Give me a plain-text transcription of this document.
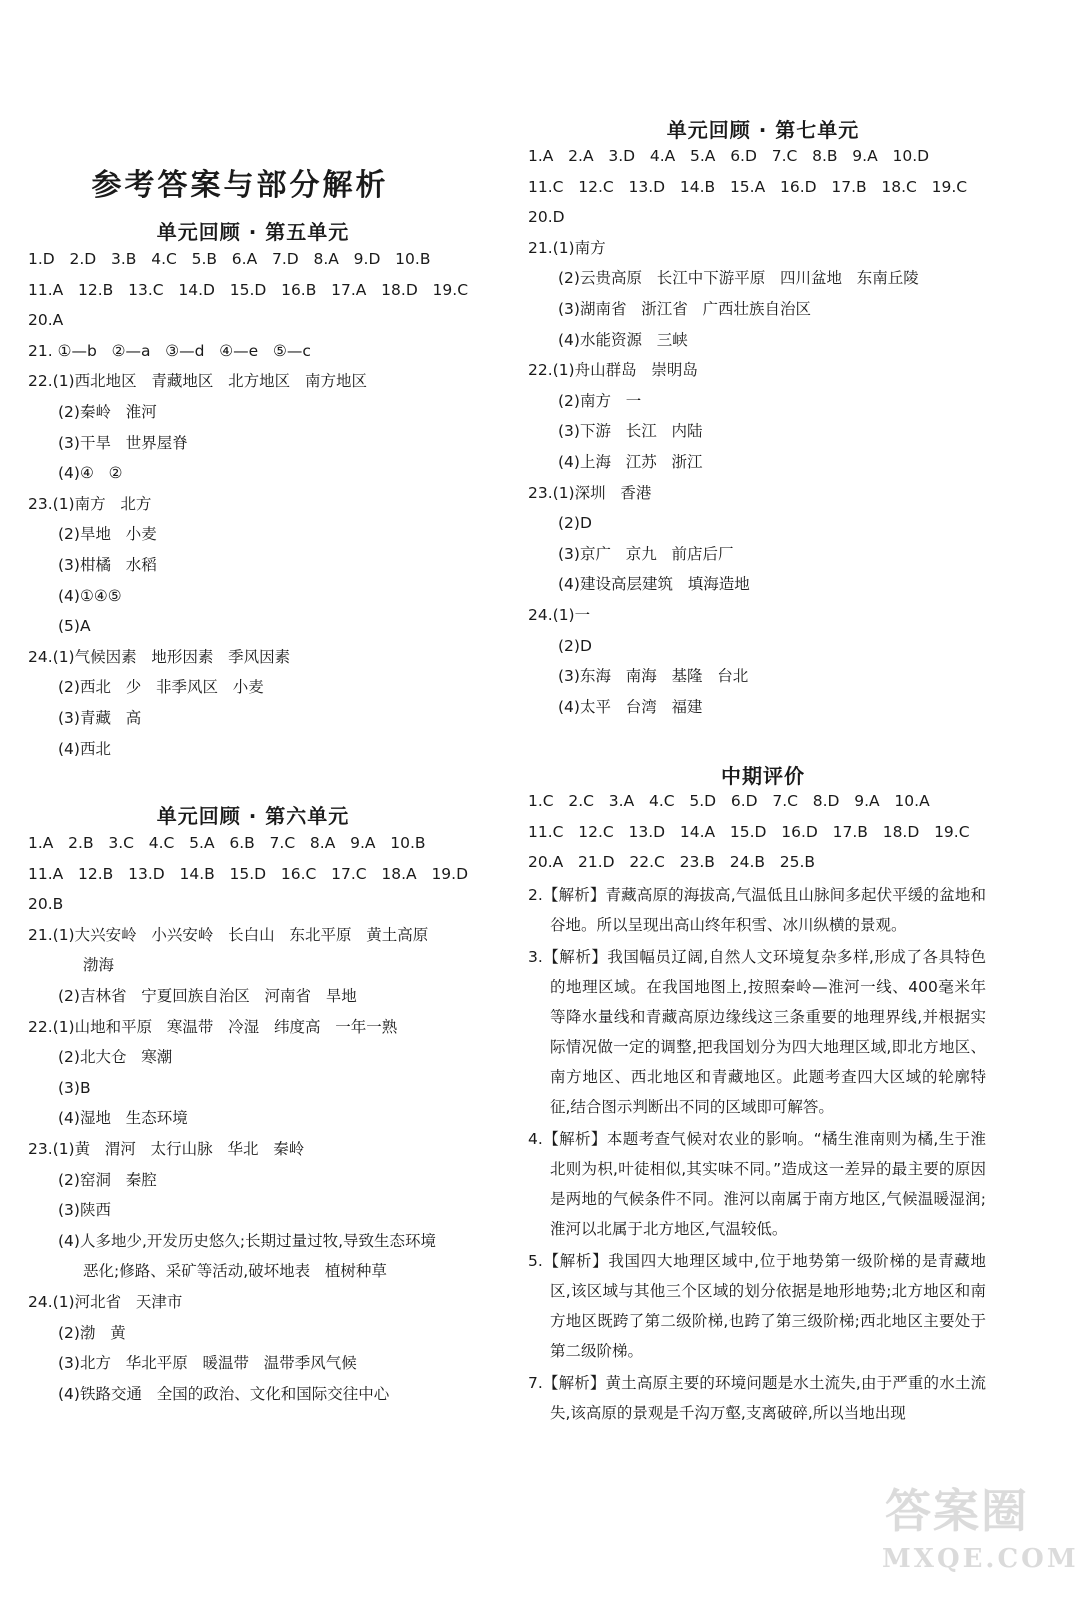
参考答案与部分解析
单元回顾 · 第五单元
1.D   2.D   3.B   4.C   5.B   6.A   7.D   8.A   9.D   10.B
11.A   12.B   13.C   14.D   15.D   16.B   17.A   18.D   19.C
20.A
21. ①—b   ②—a   ③—d   ④—e   ⑤—c
22.(1)西北地区   青藏地区   北方地区   南方地区
(2)秦岭   淮河
(3)干旱   世界屋脊
(4)④   ②
23.(1)南方   北方
(2)旱地   小麦
(3)柑橘   水稻
(4)①④⑤
(5)A
24.(1)气候因素   地形因素   季风因素
(2)西北   少   非季风区   小麦
(3)青藏   高
(4)西北
单元回顾 · 第六单元
1.A   2.B   3.C   4.C   5.A   6.B   7.C   8.A   9.A   10.B
11.A   12.B   13.D   14.B   15.D   16.C   17.C   18.A   19.D
20.B
21.(1)大兴安岭   小兴安岭   长白山   东北平原   黄土高原
渤海
(2)吉林省   宁夏回族自治区   河南省   旱地
22.(1)山地和平原   寒温带   冷湿   纬度高   一年一熟
(2)北大仓   寒潮
(3)B
(4)湿地   生态环境
23.(1)黄   渭河   太行山脉   华北   秦岭
(2)窑洞   秦腔
(3)陕西
(4)人多地少,开发历史悠久;长期过量过牧,导致生态环境
恶化;修路、采矿等活动,破坏地表   植树种草
24.(1)河北省   天津市
(2)渤   黄
(3)北方   华北平原   暖温带   温带季风气候
(4)铁路交通   全国的政治、文化和国际交往中心
单元回顾 · 第七单元
1.A   2.A   3.D   4.A   5.A   6.D   7.C   8.B   9.A   10.D
11.C   12.C   13.D   14.B   15.A   16.D   17.B   18.C   19.C
20.D
21.(1)南方
(2)云贵高原   长江中下游平原   四川盆地   东南丘陵
(3)湖南省   浙江省   广西壮族自治区
(4)水能资源   三峡
22.(1)舟山群岛   崇明岛
(2)南方   一
(3)下游   长江   内陆
(4)上海   江苏   浙江
23.(1)深圳   香港
(2)D
(3)京广   京九   前店后厂
(4)建设高层建筑   填海造地
24.(1)一
(2)D
(3)东海   南海   基隆   台北
(4)太平   台湾   福建
中期评价
1.C   2.C   3.A   4.C   5.D   6.D   7.C   8.D   9.A   10.A
11.C   12.C   13.D   14.A   15.D   16.D   17.B   18.D   19.C
20.A   21.D   22.C   23.B   24.B   25.B
2.【解析】青藏高原的海拔高,气温低且山脉间多起伏平缓的盆地和谷地。所以呈现出高山终年积雪、冰川纵横的景观。
3.【解析】我国幅员辽阔,自然人文环境复杂多样,形成了各具特色的地理区域。在我国地图上,按照秦岭—淮河一线、400毫米年等降水量线和青藏高原边缘线这三条重要的地理界线,并根据实际情况做一定的调整,把我国划分为四大地理区域,即北方地区、南方地区、西北地区和青藏地区。此题考查四大区域的轮廓特征,结合图示判断出不同的区域即可解答。
4.【解析】本题考查气候对农业的影响。“橘生淮南则为橘,生于淮北则为枳,叶徒相似,其实味不同。”造成这一差异的最主要的原因是两地的气候条件不同。淮河以南属于南方地区,气候温暖湿润;淮河以北属于北方地区,气温较低。
5.【解析】我国四大地理区域中,位于地势第一级阶梯的是青藏地区,该区域与其他三个区域的划分依据是地形地势;北方地区和南方地区既跨了第二级阶梯,也跨了第三级阶梯;西北地区主要处于第二级阶梯。
7.【解析】黄土高原主要的环境问题是水土流失,由于严重的水土流失,该高原的景观是千沟万壑,支离破碎,所以当地出现
答案圈
MXQE.COM
